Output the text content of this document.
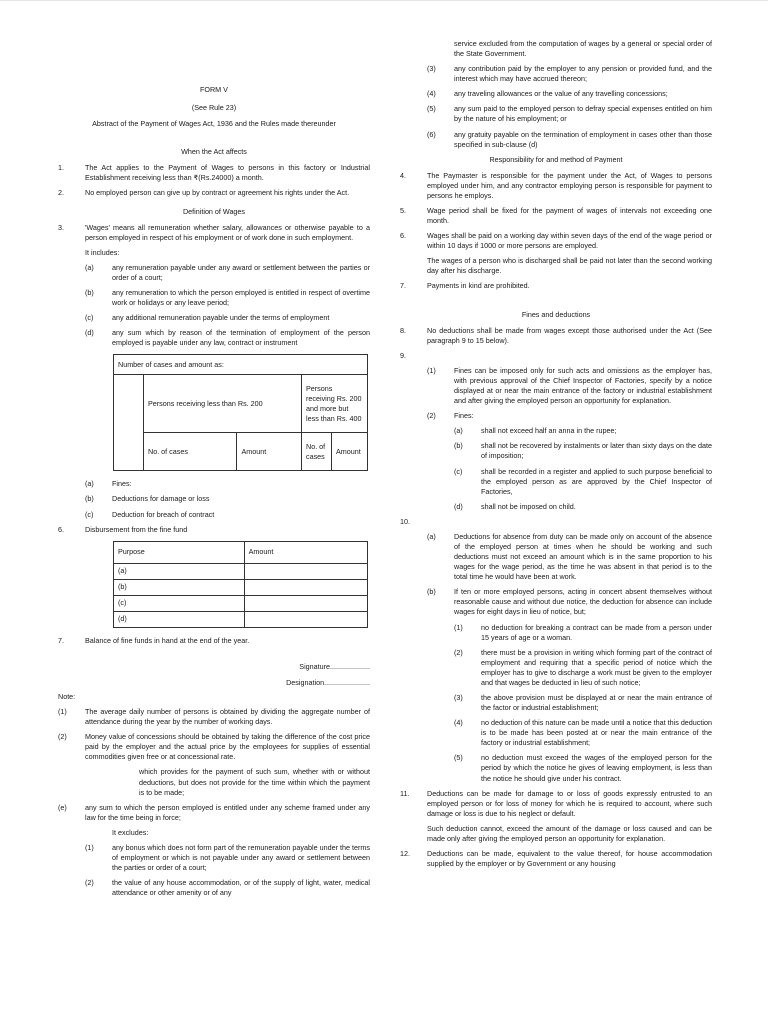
FORM V
(See Rule 23)
Abstract of the Payment of Wages Act, 1936 and the Rules made thereunder
When the Act affects
1.	The Act applies to the Payment of Wages to persons in this factory or Industrial Establishment receiving less than ₹(Rs.24000) a month.
2.	No employed person can give up by contract or agreement his rights under the Act.
Definition of Wages
3.	'Wages' means all remuneration whether salary, allowances or otherwise payable to a person employed in respect of his employment or of work done in such employment.

It includes:

(a)	any remuneration payable under any award or settlement between the parties or order of a court;
(b)	any remuneration to which the person employed is entitled in respect of overtime work or holidays or any leave period;
(c)	any additional remuneration payable under the terms of employment
(d)	any sum which by reason of the termination of employment of the person employed is payable under any law, contract or instrument
Number of cases and amount as:				
	Persons receiving less than Rs. 200		Persons receiving Rs. 200 and more but less than Rs. 400	
	No. of cases	Amount	No. of cases	Amount
(a)	Fines:
(b)	Deductions for damage or loss
(c)	Deduction for breach of contract
6.	Disbursement from the fine fund
Purpose	Amount
(a)	
(b)	
(c)	
(d)	
7.	Balance of fine funds in hand at the end of the year.
Signature....................
Designation.......................

Note:

(1)	The average daily number of persons is obtained by dividing the aggregate number of attendance during the year by the number of working days.
(2)	Money value of concessions should be obtained by taking the difference of the cost price paid by the employer and the actual price by the employees for supplies of essential commodities given free or at concessional rate.

which provides for the payment of such sum, whether with or without deductions, but does not provide for the time within which the payment is to be made;

(e)	any sum to which the person employed is entitled under any scheme framed under any law for the time being in force;

It excludes:

(1)	any bonus which does not form part of the remuneration payable under the terms of employment or which is not payable under any award or settlement between the parties or order of a court;
(2)	the value of any house accommodation, or of the supply of light, water, medical attendance or other amenity or of any

service excluded from the computation of wages by a general or special order of the State Government.

(3)	any contribution paid by the employer to any pension or provided fund, and the interest which may have accrued thereon;
(4)	any traveling allowances or the value of any travelling concessions;
(5)	any sum paid to the employed person to defray special expenses entitled on him by the nature of his employment; or
(6)	any gratuity payable on the termination of employment in cases other than those specified in sub-clause (d)
Responsibility for and method of Payment
4.	The Paymaster is responsible for the payment under the Act, of Wages to persons employed under him, and any contractor employing person is responsible for payment to persons he employs.
5.	Wage period shall be fixed for the payment of wages of intervals not exceeding one month.
6.	Wages shall be paid on a working day within seven days of the end of the wage period or within 10 days if 1000 or more persons are employed.

The wages of a person who is discharged shall be paid not later than the second working day after his discharge.

7.	Payments in kind are prohibited.
Fines and deductions
8.	No deductions shall be made from wages except those authorised under the Act (See paragraph 9 to 15 below).
9.
(1)	Fines can be imposed only for such acts and omissions as the employer has, with previous approval of the Chief Inspector of Factories, specify by a notice displayed at or near the main entrance of the factory or industrial establishment and after giving the employed person an opportunity for explanation.
(2)	Fines:
(a)	shall not exceed half an anna in the rupee;
(b)	shall not be recovered by instalments or later than sixty days on the date of imposition;
(c)	shall be recorded in a register and applied to such purpose beneficial to the employed person as are approved by the Chief Inspector of Factories,
(d)	shall not be imposed on child.
10.
(a)	Deductions for absence from duty can be made only on account of the absence of the employed person at times when he should be working and such deductions must not exceed an amount which is in the same proportion to his wages for the wage period, as the time he was absent in that period is to the total time he would have been at work.
(b)	If ten or more employed persons, acting in concert absent themselves without reasonable cause and without due notice, the deduction for absence can include wages for eight days in lieu of notice, but;
(1)	no deduction for breaking a contract can be made from a person under 15 years of age or a woman.
(2)	there must be a provision in writing which forming part of the contract of employment and requiring that a specific period of notice which the employer has to give to discharge a work must be given to the employer and that wages be deducted in lieu of such notice;
(3)	the above provision must be displayed at or near the main entrance of the factor or industrial establishment;
(4)	no deduction of this nature can be made until a notice that this deduction is to be made has been posted at or near the main entrance of the factory or industrial establishment;
(5)	no deduction must exceed the wages of the employed person for the period by which the notice he gives of leaving employment, is less than the notice he should give under his contract.
11.	Deductions can be made for damage to or loss of goods expressly entrusted to an employed person or for loss of money for which he is required to account, where such damage or loss is due to his neglect or default.

Such deduction cannot, exceed the amount of the damage or loss caused and can be made only after giving the employed person an opportunity for explanation.

12.	Deductions can be made, equivalent to the value thereof, for house accommodation supplied by the employer or by Government or any housing
